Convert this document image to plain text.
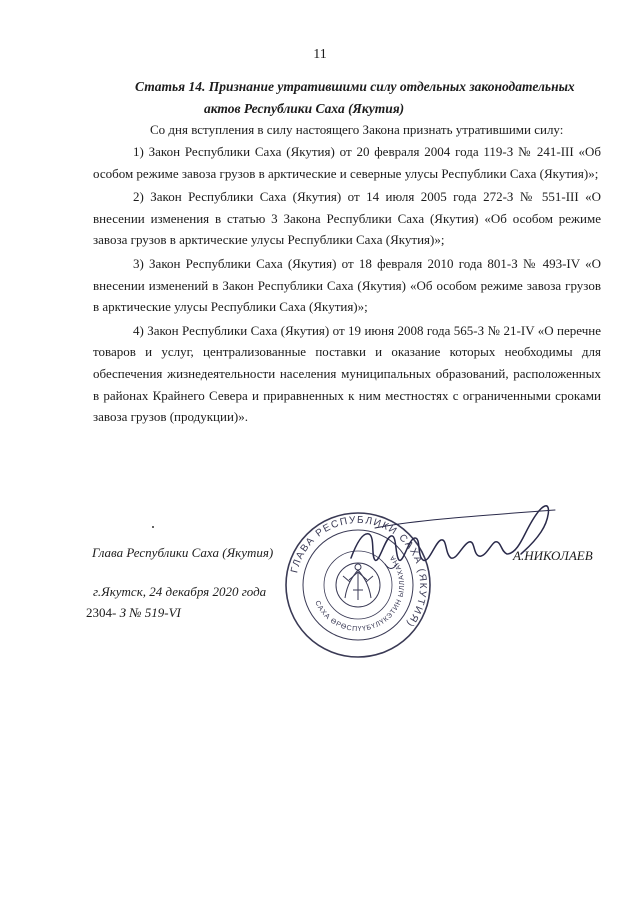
11
Статья 14. Признание утратившими силу отдельных законодательных
актов Республики Саха (Якутия)
Со дня вступления в силу настоящего Закона признать утратившими силу:

1) Закон Республики Саха (Якутия) от 20 февраля 2004 года 119-З № 241-III «Об особом режиме завоза грузов в арктические и северные улусы Республики Саха (Якутия)»;

2) Закон Республики Саха (Якутия) от 14 июля 2005 года 272-З № 551-III «О внесении изменения в статью 3 Закона Республики Саха (Якутия) «Об особом режиме завоза грузов в арктические улусы Республики Саха (Якутия)»;

3) Закон Республики Саха (Якутия) от 18 февраля 2010 года 801-З № 493-IV «О внесении изменений в Закон Республики Саха (Якутия) «Об особом режиме завоза грузов в арктические улусы Республики Саха (Якутия)»;

4) Закон Республики Саха (Якутия) от 19 июня 2008 года 565-З № 21-IV «О перечне товаров и услуг, централизованные поставки и оказание которых необходимы для обеспечения жизнедеятельности населения муниципальных образований, расположенных в районах Крайнего Севера и приравненных к ним местностях с ограниченными сроками завоза грузов (продукции)».

Глава Республики Саха (Якутия)
ГЛАВА РЕСПУБЛИКИ САХА (ЯКУТИЯ)
САХА ӨРӨСПҮҮБҮЛҮКЭТИН ЫЛЛАХАНА	А.НИКОЛАЕВ
г.Якутск, 24 декабря 2020 года
2304- З № 519-VI
